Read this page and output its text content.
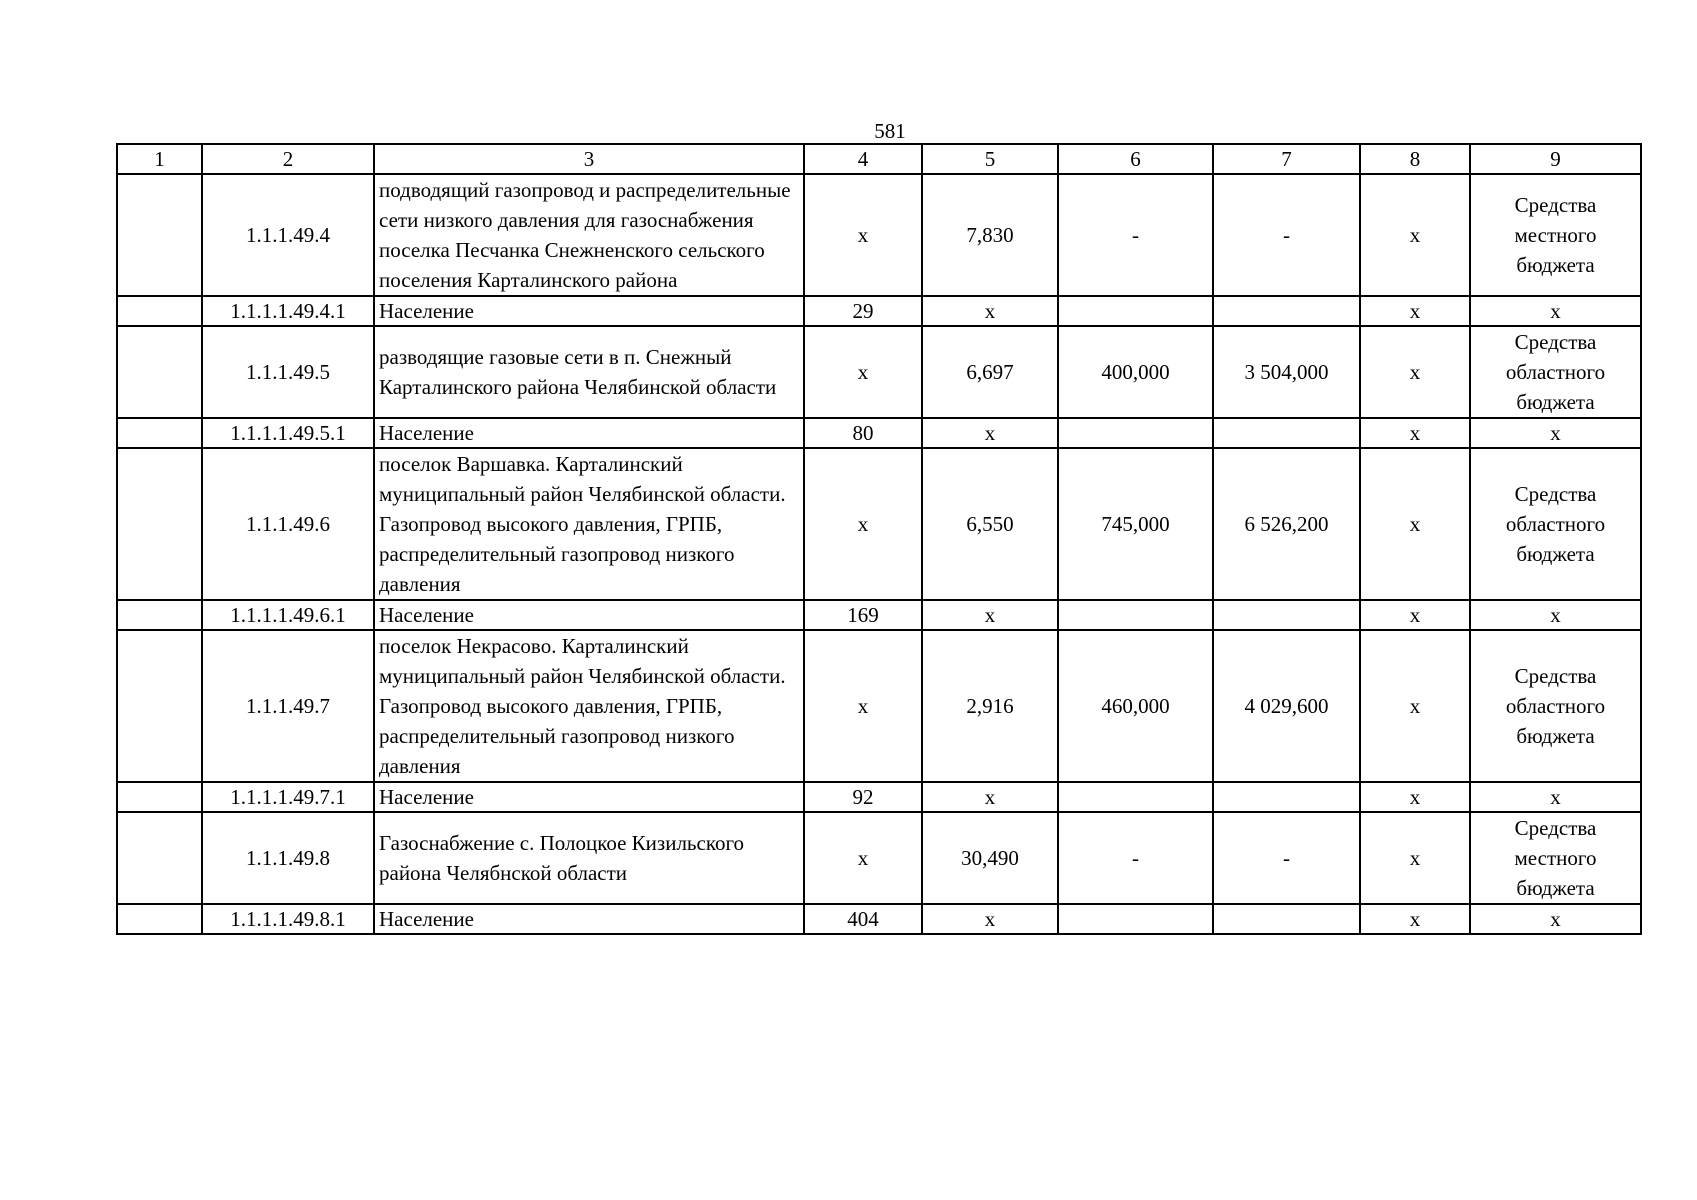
581
1	2	3	4	5	6	7	8	9
	1.1.1.49.4	подводящий газопровод и распределительные сети низкого давления для газоснабжения поселка Песчанка Снежненского сельского поселения Карталинского района	х	7,830	-	-	х	Средства местного бюджета
	1.1.1.1.49.4.1	Население	29	х			х	х
	1.1.1.49.5	разводящие газовые сети в п. Снежный Карталинского района Челябинской области	х	6,697	400,000	3 504,000	х	Средства областного бюджета
	1.1.1.1.49.5.1	Население	80	х			х	х
	1.1.1.49.6	поселок Варшавка. Карталинский муниципальный район Челябинской области. Газопровод высокого давления, ГРПБ, распределительный газопровод низкого давления	х	6,550	745,000	6 526,200	х	Средства областного бюджета
	1.1.1.1.49.6.1	Население	169	х			х	х
	1.1.1.49.7	поселок Некрасово. Карталинский муниципальный район Челябинской области. Газопровод высокого давления, ГРПБ, распределительный газопровод низкого давления	х	2,916	460,000	4 029,600	х	Средства областного бюджета
	1.1.1.1.49.7.1	Население	92	х			х	х
	1.1.1.49.8	Газоснабжение с. Полоцкое Кизильского района Челябнской области	х	30,490	-	-	х	Средства местного бюджета
	1.1.1.1.49.8.1	Население	404	х			х	х
